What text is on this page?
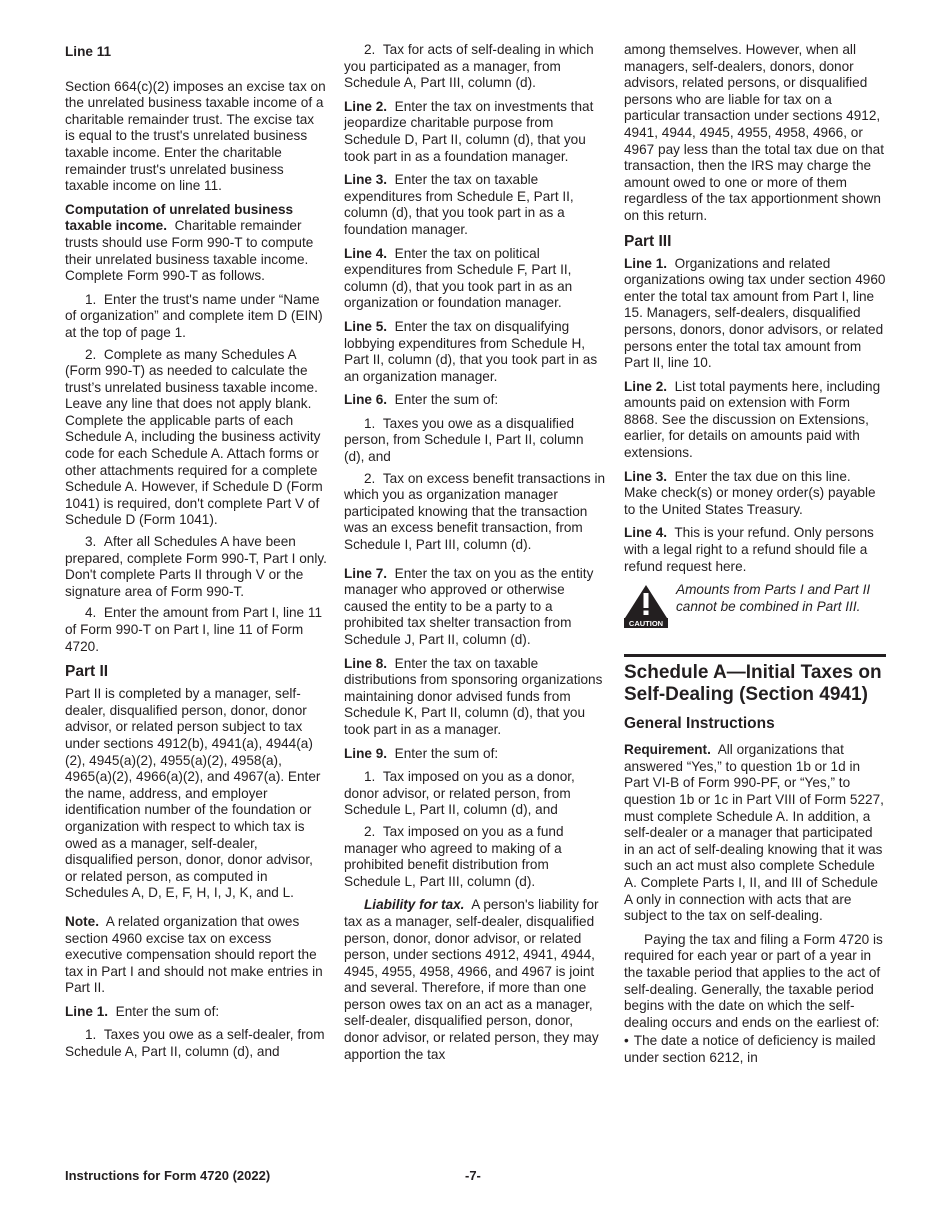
Line 11

Section 664(c)(2) imposes an excise tax on the unrelated business taxable income of a charitable remainder trust. The excise tax is equal to the trust's unrelated business taxable income. Enter the charitable remainder trust's unrelated business taxable income on line 11.

Computation of unrelated business taxable income. Charitable remainder trusts should use Form 990-T to compute their unrelated business taxable income. Complete Form 990-T as follows.

1.  Enter the trust's name under “Name of organization” and complete item D (EIN) at the top of page 1.

2.  Complete as many Schedules A (Form 990-T) as needed to calculate the trust’s unrelated business taxable income. Leave any line that does not apply blank. Complete the applicable parts of each Schedule A, including the business activity code for each Schedule A. Attach forms or other attachments required for a complete Schedule A. However, if Schedule D (Form 1041) is required, don't complete Part V of Schedule D (Form 1041).

3.  After all Schedules A have been prepared, complete Form 990-T, Part I only. Don't complete Parts II through V or the signature area of Form 990-T.

4.  Enter the amount from Part I, line 11 of Form 990-T on Part I, line 11 of Form 4720.

Part II

Part II is completed by a manager, self-dealer, disqualified person, donor, donor advisor, or related person subject to tax under sections 4912(b), 4941(a), 4944(a)(2), 4945(a)(2), 4955(a)(2), 4958(a), 4965(a)(2), 4966(a)(2), and 4967(a). Enter the name, address, and employer identification number of the foundation or organization with respect to which tax is owed as a manager, self-dealer, disqualified person, donor, donor advisor, or related person, as computed in Schedules A, D, E, F, H, I, J, K, and L.

Note. A related organization that owes section 4960 excise tax on excess executive compensation should report the tax in Part I and should not make entries in Part II.

Line 1. Enter the sum of:

1.  Taxes you owe as a self-dealer, from Schedule A, Part II, column (d), and

2.  Tax for acts of self-dealing in which you participated as a manager, from Schedule A, Part III, column (d).

Line 2. Enter the tax on investments that jeopardize charitable purpose from Schedule D, Part II, column (d), that you took part in as a foundation manager.

Line 3. Enter the tax on taxable expenditures from Schedule E, Part II, column (d), that you took part in as a foundation manager.

Line 4. Enter the tax on political expenditures from Schedule F, Part II, column (d), that you took part in as an organization or foundation manager.

Line 5. Enter the tax on disqualifying lobbying expenditures from Schedule H, Part II, column (d), that you took part in as an organization manager.

Line 6. Enter the sum of:

1.  Taxes you owe as a disqualified person, from Schedule I, Part II, column (d), and

2.  Tax on excess benefit transactions in which you as organization manager participated knowing that the transaction was an excess benefit transaction, from Schedule I, Part III, column (d).

Line 7. Enter the tax on you as the entity manager who approved or otherwise caused the entity to be a party to a prohibited tax shelter transaction from Schedule J, Part II, column (d).

Line 8. Enter the tax on taxable distributions from sponsoring organizations maintaining donor advised funds from Schedule K, Part II, column (d), that you took part in as a manager.

Line 9. Enter the sum of:

1.  Tax imposed on you as a donor, donor advisor, or related person, from Schedule L, Part II, column (d), and

2.  Tax imposed on you as a fund manager who agreed to making of a prohibited benefit distribution from Schedule L, Part III, column (d).

Liability for tax. A person's liability for tax as a manager, self-dealer, disqualified person, donor, donor advisor, or related person, under sections 4912, 4941, 4944, 4945, 4955, 4958, 4966, and 4967 is joint and several. Therefore, if more than one person owes tax on an act as a manager, self-dealer, disqualified person, donor, donor advisor, or related person, they may apportion the tax

among themselves. However, when all managers, self-dealers, donors, donor advisors, related persons, or disqualified persons who are liable for tax on a particular transaction under sections 4912, 4941, 4944, 4945, 4955, 4958, 4966, or 4967 pay less than the total tax due on that transaction, then the IRS may charge the amount owed to one or more of them regardless of the tax apportionment shown on this return.

Part III

Line 1. Organizations and related organizations owing tax under section 4960 enter the total tax amount from Part I, line 15. Managers, self-dealers, disqualified persons, donors, donor advisors, or related persons enter the total tax amount from Part II, line 10.

Line 2. List total payments here, including amounts paid on extension with Form 8868. See the discussion on Extensions, earlier, for details on amounts paid with extensions.

Line 3. Enter the tax due on this line. Make check(s) or money order(s) payable to the United States Treasury.

Line 4. This is your refund. Only persons with a legal right to a refund should file a refund request here.

CAUTION
Amounts from Parts I and Part II cannot be combined in Part III.
Schedule A—Initial Taxes on Self-Dealing (Section 4941)
General Instructions

Requirement. All organizations that answered “Yes,” to question 1b or 1d in Part VI-B of Form 990-PF, or “Yes,” to question 1b or 1c in Part VIII of Form 5227, must complete Schedule A. In addition, a self-dealer or a manager that participated in an act of self-dealing knowing that it was such an act must also complete Schedule A. Complete Parts I, II, and III of Schedule A only in connection with acts that are subject to the tax on self-dealing.

Paying the tax and filing a Form 4720 is required for each year or part of a year in the taxable period that applies to the act of self-dealing. Generally, the taxable period begins with the date on which the self-dealing occurs and ends on the earliest of:

• The date a notice of deficiency is mailed under section 6212, in

Instructions for Form 4720 (2022)	-7-
